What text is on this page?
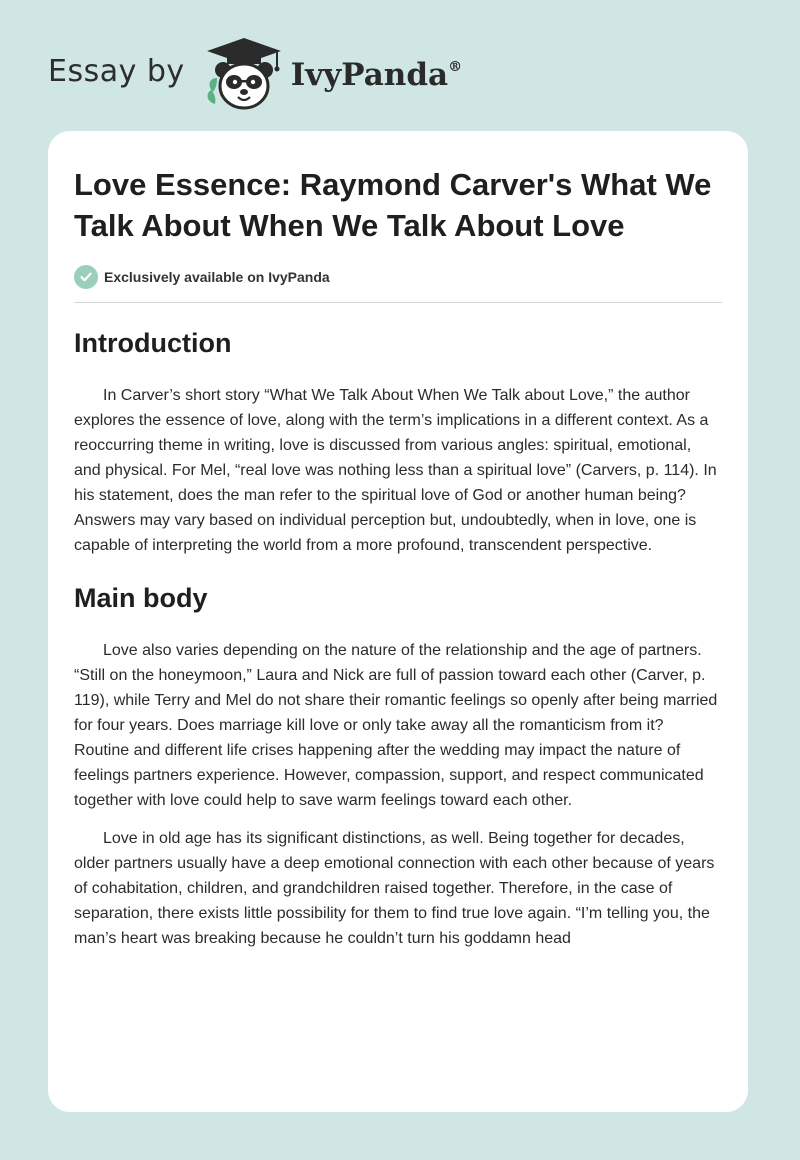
Essay by	IvyPanda®
Love Essence: Raymond Carver's What We Talk About When We Talk About Love
Exclusively available on IvyPanda
Introduction

In Carver’s short story “What We Talk About When We Talk about Love,” the author explores the essence of love, along with the term’s implications in a different context. As a reoccurring theme in writing, love is discussed from various angles: spiritual, emotional, and physical. For Mel, “real love was nothing less than a spiritual love” (Carvers, p. 114). In his statement, does the man refer to the spiritual love of God or another human being? Answers may vary based on individual perception but, undoubtedly, when in love, one is capable of interpreting the world from a more profound, transcendent perspective.

Main body

Love also varies depending on the nature of the relationship and the age of partners. “Still on the honeymoon,” Laura and Nick are full of passion toward each other (Carver, p. 119), while Terry and Mel do not share their romantic feelings so openly after being married for four years. Does marriage kill love or only take away all the romanticism from it? Routine and different life crises happening after the wedding may impact the nature of feelings partners experience. However, compassion, support, and respect communicated together with love could help to save warm feelings toward each other.

Love in old age has its significant distinctions, as well. Being together for decades, older partners usually have a deep emotional connection with each other because of years of cohabitation, children, and grandchildren raised together. Therefore, in the case of separation, there exists little possibility for them to find true love again. “I’m telling you, the man’s heart was breaking because he couldn’t turn his goddamn head
